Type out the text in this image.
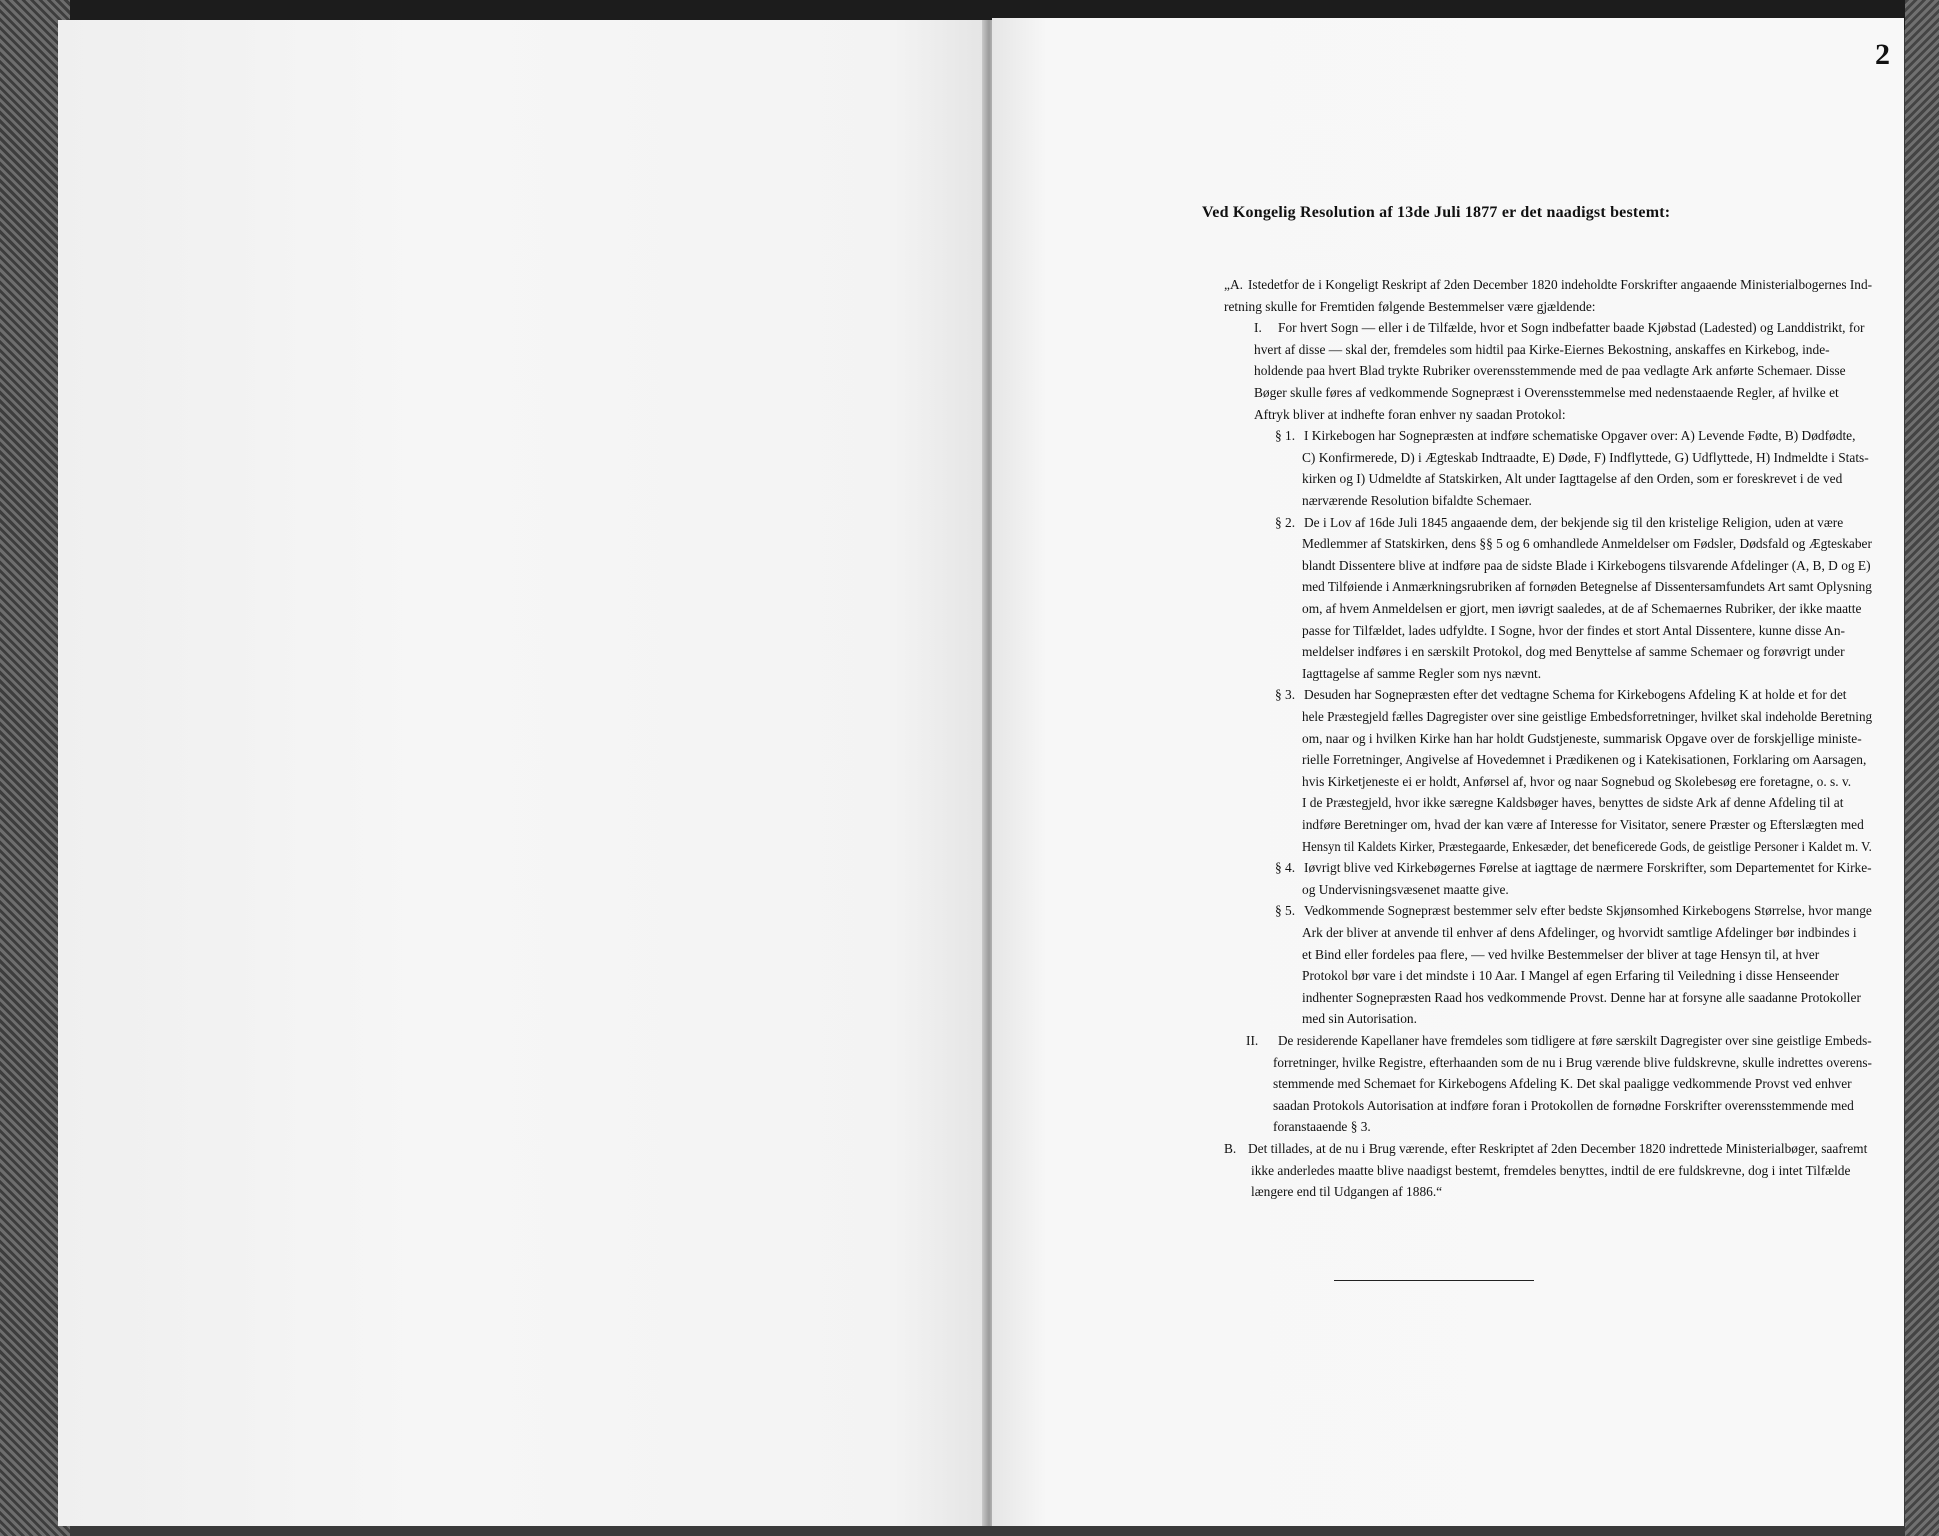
2
Ved Kongelig Resolution af 13de Juli 1877 er det naadigst bestemt:
„A. Istedetfor de i Kongeligt Reskript af 2den December 1820 indeholdte Forskrifter angaaende Ministerialbogernes Ind-
retning skulle for Fremtiden følgende Bestemmelser være gjældende:
I. For hvert Sogn — eller i de Tilfælde, hvor et Sogn indbefatter baade Kjøbstad (Ladested) og Landdistrikt, for
hvert af disse — skal der, fremdeles som hidtil paa Kirke-Eiernes Bekostning, anskaffes en Kirkebog, inde-
holdende paa hvert Blad trykte Rubriker overensstemmende med de paa vedlagte Ark anførte Schemaer. Disse
Bøger skulle føres af vedkommende Sognepræst i Overensstemmelse med nedenstaaende Regler, af hvilke et
Aftryk bliver at indhefte foran enhver ny saadan Protokol:
§ 1. I Kirkebogen har Sognepræsten at indføre schematiske Opgaver over: A) Levende Fødte, B) Dødfødte,
C) Konfirmerede, D) i Ægteskab Indtraadte, E) Døde, F) Indflyttede, G) Udflyttede, H) Indmeldte i Stats-
kirken og I) Udmeldte af Statskirken, Alt under Iagttagelse af den Orden, som er foreskrevet i de ved
nærværende Resolution bifaldte Schemaer.
§ 2. De i Lov af 16de Juli 1845 angaaende dem, der bekjende sig til den kristelige Religion, uden at være
Medlemmer af Statskirken, dens §§ 5 og 6 omhandlede Anmeldelser om Fødsler, Dødsfald og Ægteskaber
blandt Dissentere blive at indføre paa de sidste Blade i Kirkebogens tilsvarende Afdelinger (A, B, D og E)
med Tilføiende i Anmærkningsrubriken af fornøden Betegnelse af Dissentersamfundets Art samt Oplysning
om, af hvem Anmeldelsen er gjort, men iøvrigt saaledes, at de af Schemaernes Rubriker, der ikke maatte
passe for Tilfældet, lades udfyldte. I Sogne, hvor der findes et stort Antal Dissentere, kunne disse An-
meldelser indføres i en særskilt Protokol, dog med Benyttelse af samme Schemaer og forøvrigt under
Iagttagelse af samme Regler som nys nævnt.
§ 3. Desuden har Sognepræsten efter det vedtagne Schema for Kirkebogens Afdeling K at holde et for det
hele Præstegjeld fælles Dagregister over sine geistlige Embedsforretninger, hvilket skal indeholde Beretning
om, naar og i hvilken Kirke han har holdt Gudstjeneste, summarisk Opgave over de forskjellige ministe-
rielle Forretninger, Angivelse af Hovedemnet i Prædikenen og i Katekisationen, Forklaring om Aarsagen,
hvis Kirketjeneste ei er holdt, Anførsel af, hvor og naar Sognebud og Skolebesøg ere foretagne, o. s. v.
I de Præstegjeld, hvor ikke særegne Kaldsbøger haves, benyttes de sidste Ark af denne Afdeling til at
indføre Beretninger om, hvad der kan være af Interesse for Visitator, senere Præster og Efterslægten med
Hensyn til Kaldets Kirker, Præstegaarde, Enkesæder, det beneficerede Gods, de geistlige Personer i Kaldet m. V.
§ 4. Iøvrigt blive ved Kirkebøgernes Førelse at iagttage de nærmere Forskrifter, som Departementet for Kirke-
og Undervisningsvæsenet maatte give.
§ 5. Vedkommende Sognepræst bestemmer selv efter bedste Skjønsomhed Kirkebogens Størrelse, hvor mange
Ark der bliver at anvende til enhver af dens Afdelinger, og hvorvidt samtlige Afdelinger bør indbindes i
et Bind eller fordeles paa flere, — ved hvilke Bestemmelser der bliver at tage Hensyn til, at hver
Protokol bør vare i det mindste i 10 Aar. I Mangel af egen Erfaring til Veiledning i disse Henseender
indhenter Sognepræsten Raad hos vedkommende Provst. Denne har at forsyne alle saadanne Protokoller
med sin Autorisation.
II. De residerende Kapellaner have fremdeles som tidligere at føre særskilt Dagregister over sine geistlige Embeds-
forretninger, hvilke Registre, efterhaanden som de nu i Brug værende blive fuldskrevne, skulle indrettes overens-
stemmende med Schemaet for Kirkebogens Afdeling K. Det skal paaligge vedkommende Provst ved enhver
saadan Protokols Autorisation at indføre foran i Protokollen de fornødne Forskrifter overensstemmende med
foranstaaende § 3.
B. Det tillades, at de nu i Brug værende, efter Reskriptet af 2den December 1820 indrettede Ministerialbøger, saafremt
ikke anderledes maatte blive naadigst bestemt, fremdeles benyttes, indtil de ere fuldskrevne, dog i intet Tilfælde
længere end til Udgangen af 1886.“
